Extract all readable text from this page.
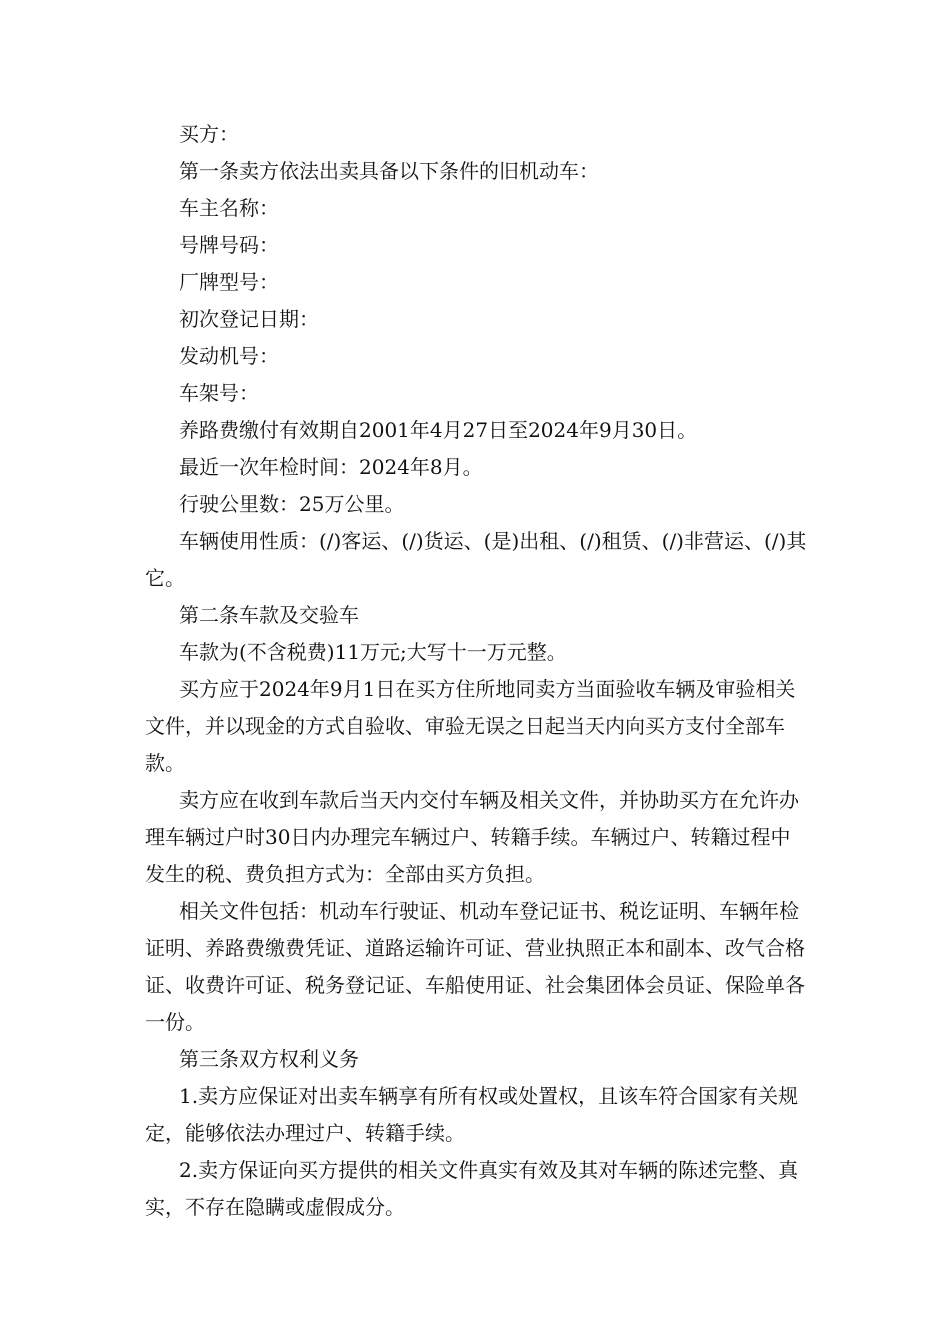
买方：

第一条卖方依法出卖具备以下条件的旧机动车：

车主名称：

号牌号码：

厂牌型号：

初次登记日期：

发动机号：

车架号：

养路费缴付有效期自2001年4月27日至2024年9月30日。

最近一次年检时间：2024年8月。

行驶公里数：25万公里。

车辆使用性质：(/)客运、(/)货运、(是)出租、(/)租赁、(/)非营运、(/)其它。

第二条车款及交验车

车款为(不含税费)11万元;大写十一万元整。

买方应于2024年9月1日在买方住所地同卖方当面验收车辆及审验相关文件，并以现金的方式自验收、审验无误之日起当天内向买方支付全部车款。

卖方应在收到车款后当天内交付车辆及相关文件，并协助买方在允许办理车辆过户时30日内办理完车辆过户、转籍手续。车辆过户、转籍过程中发生的税、费负担方式为：全部由买方负担。

相关文件包括：机动车行驶证、机动车登记证书、税讫证明、车辆年检证明、养路费缴费凭证、道路运输许可证、营业执照正本和副本、改气合格证、收费许可证、税务登记证、车船使用证、社会集团体会员证、保险单各一份。

第三条双方权利义务

1.卖方应保证对出卖车辆享有所有权或处置权，且该车符合国家有关规定，能够依法办理过户、转籍手续。

2.卖方保证向买方提供的相关文件真实有效及其对车辆的陈述完整、真实，不存在隐瞒或虚假成分。
